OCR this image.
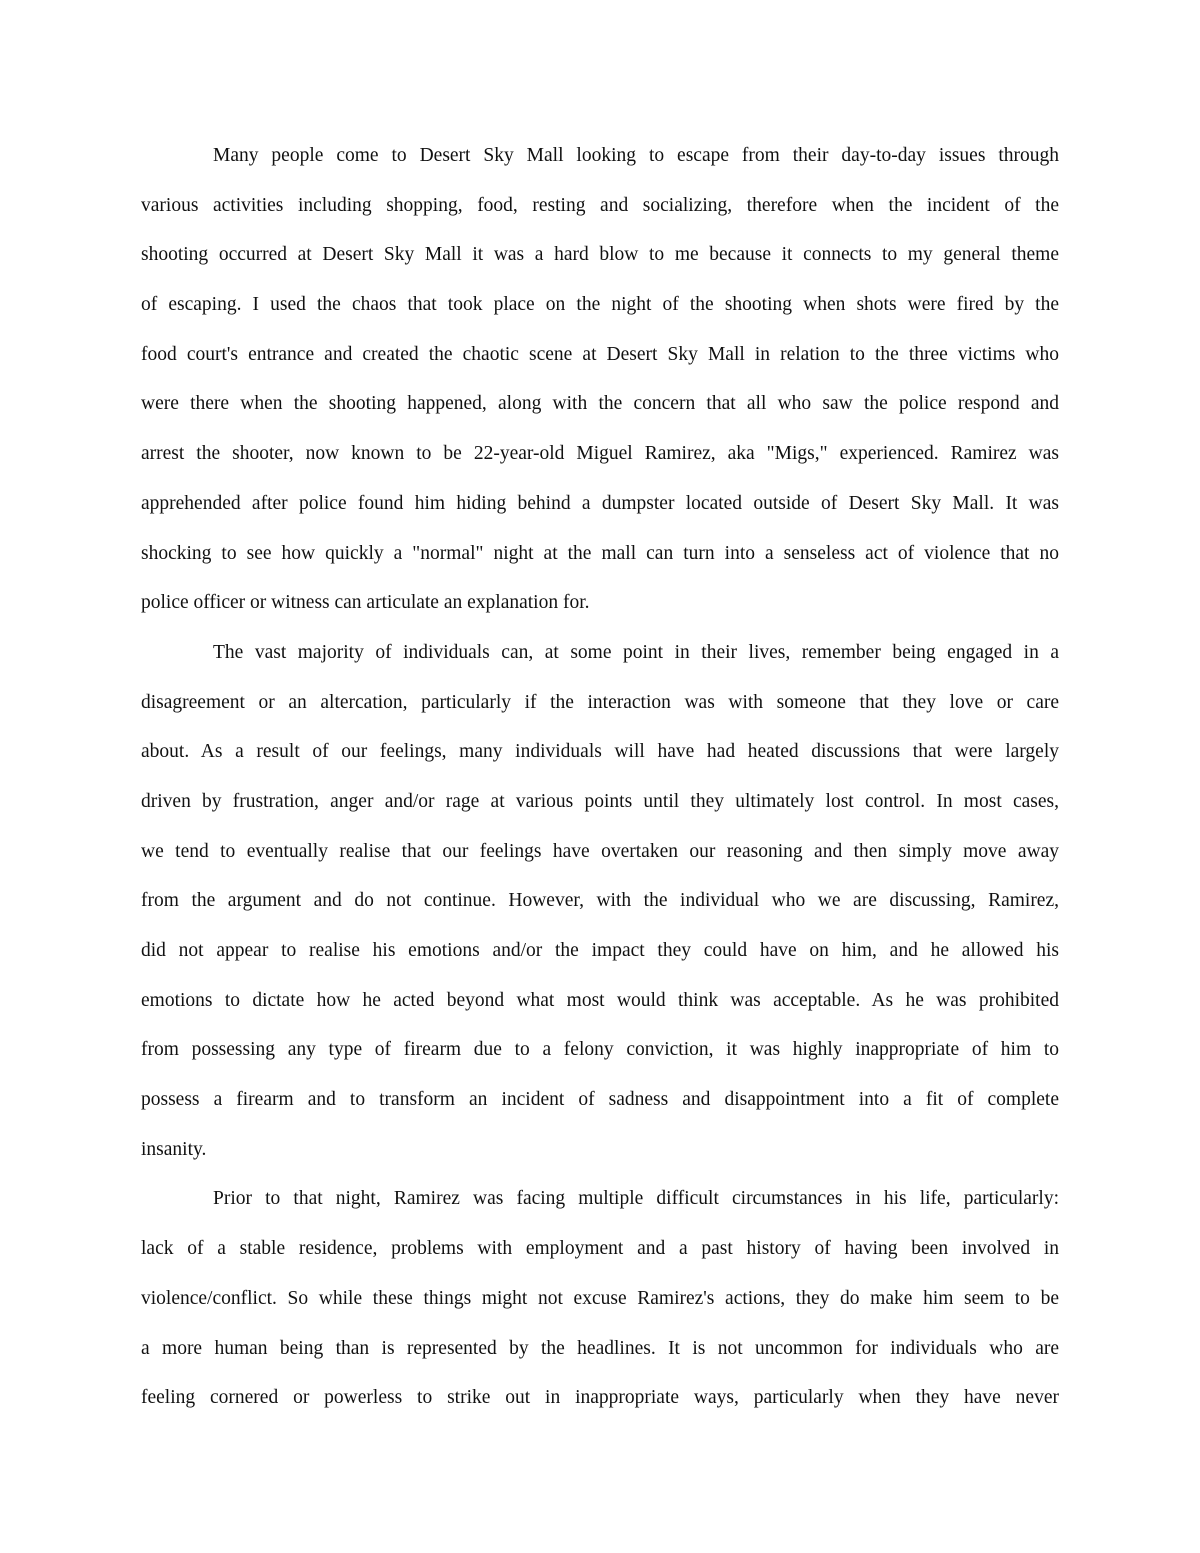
Many people come to Desert Sky Mall looking to escape from their day-to-day issues through
various activities including shopping, food, resting and socializing, therefore when the incident of the
shooting occurred at Desert Sky Mall it was a hard blow to me because it connects to my general theme
of escaping. I used the chaos that took place on the night of the shooting when shots were fired by the
food court's entrance and created the chaotic scene at Desert Sky Mall in relation to the three victims who
were there when the shooting happened, along with the concern that all who saw the police respond and
arrest the shooter, now known to be 22-year-old Miguel Ramirez, aka "Migs," experienced. Ramirez was
apprehended after police found him hiding behind a dumpster located outside of Desert Sky Mall. It was
shocking to see how quickly a "normal" night at the mall can turn into a senseless act of violence that no
police officer or witness can articulate an explanation for.
The vast majority of individuals can, at some point in their lives, remember being engaged in a
disagreement or an altercation, particularly if the interaction was with someone that they love or care
about. As a result of our feelings, many individuals will have had heated discussions that were largely
driven by frustration, anger and/or rage at various points until they ultimately lost control. In most cases,
we tend to eventually realise that our feelings have overtaken our reasoning and then simply move away
from the argument and do not continue. However, with the individual who we are discussing, Ramirez,
did not appear to realise his emotions and/or the impact they could have on him, and he allowed his
emotions to dictate how he acted beyond what most would think was acceptable. As he was prohibited
from possessing any type of firearm due to a felony conviction, it was highly inappropriate of him to
possess a firearm and to transform an incident of sadness and disappointment into a fit of complete
insanity.
Prior to that night, Ramirez was facing multiple difficult circumstances in his life, particularly:
lack of a stable residence, problems with employment and a past history of having been involved in
violence/conflict. So while these things might not excuse Ramirez's actions, they do make him seem to be
a more human being than is represented by the headlines. It is not uncommon for individuals who are
feeling cornered or powerless to strike out in inappropriate ways, particularly when they have never
